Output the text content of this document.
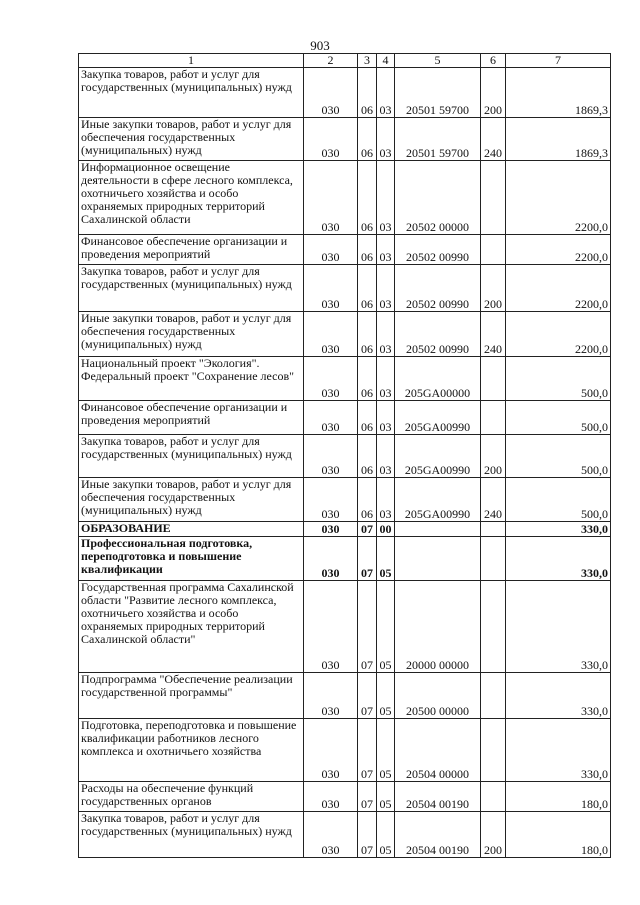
903
1	2	3	4	5	6	7
Закупка товаров, работ и услуг для государственных (муниципальных) нужд	030	06	03	20501 59700	200	1869,3
Иные закупки товаров, работ и услуг для обеспечения государственных (муниципальных) нужд	030	06	03	20501 59700	240	1869,3
Информационное освещение деятельности в сфере лесного комплекса, охотничьего хозяйства и особо охраняемых природных территорий Сахалинской области	030	06	03	20502 00000		2200,0
Финансовое обеспечение организации и проведения мероприятий	030	06	03	20502 00990		2200,0
Закупка товаров, работ и услуг для государственных (муниципальных) нужд	030	06	03	20502 00990	200	2200,0
Иные закупки товаров, работ и услуг для обеспечения государственных (муниципальных) нужд	030	06	03	20502 00990	240	2200,0
Национальный проект "Экология". Федеральный проект "Сохранение лесов"	030	06	03	205GA00000		500,0
Финансовое обеспечение организации и проведения мероприятий	030	06	03	205GA00990		500,0
Закупка товаров, работ и услуг для государственных (муниципальных) нужд	030	06	03	205GA00990	200	500,0
Иные закупки товаров, работ и услуг для обеспечения государственных (муниципальных) нужд	030	06	03	205GA00990	240	500,0
ОБРАЗОВАНИЕ	030	07	00			330,0
Профессиональная подготовка, переподготовка и повышение квалификации	030	07	05			330,0
Государственная программа Сахалинской области "Развитие лесного комплекса, охотничьего хозяйства и особо охраняемых природных территорий Сахалинской области"	030	07	05	20000 00000		330,0
Подпрограмма "Обеспечение реализации государственной программы"	030	07	05	20500 00000		330,0
Подготовка, переподготовка и повышение квалификации работников лесного комплекса и охотничьего хозяйства	030	07	05	20504 00000		330,0
Расходы на обеспечение функций государственных органов	030	07	05	20504 00190		180,0
Закупка товаров, работ и услуг для государственных (муниципальных) нужд	030	07	05	20504 00190	200	180,0
